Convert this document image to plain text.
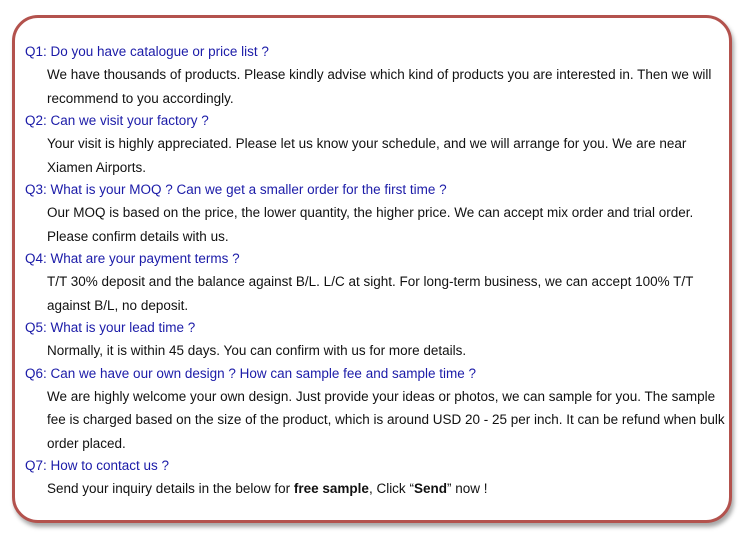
Q1: Do you have catalogue or price list ?

We have thousands of products. Please kindly advise which kind of products you are interested in. Then we will recommend to you accordingly.

Q2: Can we visit your factory ?

Your visit is highly appreciated. Please let us know your schedule, and we will arrange for you. We are near Xiamen Airports.

Q3: What is your MOQ ? Can we get a smaller order for the first time ?

Our MOQ is based on the price, the lower quantity, the higher price. We can accept mix order and trial order. Please confirm details with us.

Q4: What are your payment terms ?

T/T 30% deposit and the balance against B/L. L/C at sight. For long-term business, we can accept 100% T/T against B/L, no deposit.

Q5: What is your lead time ?

Normally, it is within 45 days. You can confirm with us for more details.

Q6: Can we have our own design ? How can sample fee and sample time ?

We are highly welcome your own design. Just provide your ideas or photos, we can sample for you. The sample fee is charged based on the size of the product, which is around USD 20 - 25 per inch. It can be refund when bulk order placed.

Q7: How to contact us ?

Send your inquiry details in the below for free sample, Click “Send” now !
